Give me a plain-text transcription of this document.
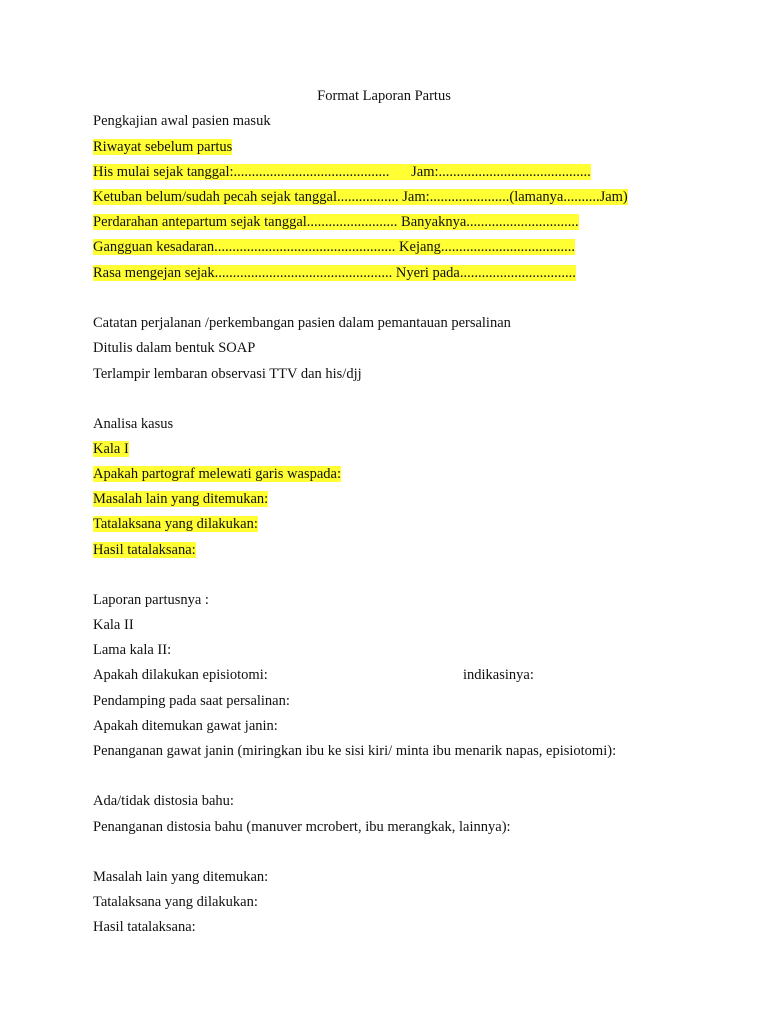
Format Laporan Partus
Pengkajian awal pasien masuk
Riwayat sebelum partus
His mulai sejak tanggal:...........................................      Jam:..........................................
Ketuban belum/sudah pecah sejak tanggal................. Jam:......................(lamanya..........Jam)
Perdarahan antepartum sejak tanggal......................... Banyaknya...............................
Gangguan kesadaran.................................................. Kejang.....................................
Rasa mengejan sejak................................................. Nyeri pada................................
Catatan perjalanan /perkembangan pasien dalam pemantauan persalinan
Ditulis dalam bentuk SOAP
Terlampir lembaran observasi TTV dan his/djj
Analisa kasus
Kala I
Apakah partograf melewati garis waspada:
Masalah lain yang ditemukan:
Tatalaksana yang dilakukan:
Hasil tatalaksana:
Laporan partusnya :
Kala II
Lama kala II:
Apakah dilakukan episiotomi:	indikasinya:
Pendamping pada saat persalinan:
Apakah ditemukan gawat janin:
Penanganan gawat janin (miringkan ibu ke sisi kiri/ minta ibu menarik napas, episiotomi):
Ada/tidak distosia bahu:
Penanganan distosia bahu (manuver mcrobert, ibu merangkak, lainnya):
Masalah lain yang ditemukan:
Tatalaksana yang dilakukan:
Hasil tatalaksana:
